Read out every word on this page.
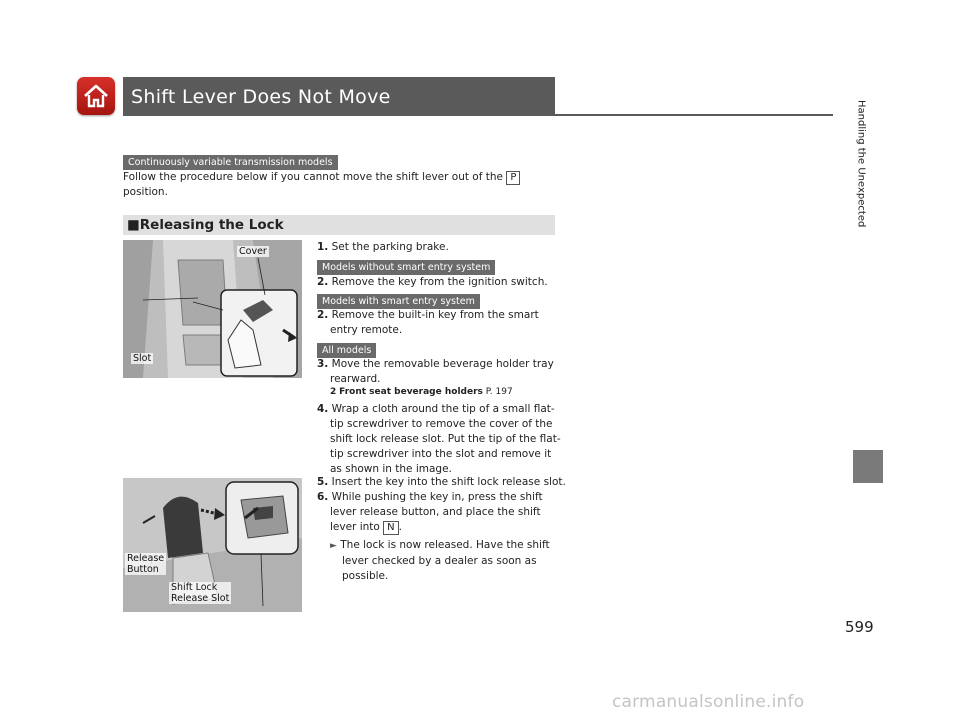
Shift Lever Does Not Move
Handling the Unexpected
Continuously variable transmission models
Follow the procedure below if you cannot move the shift lever out of the P
position.
■Releasing the Lock
Cover
Slot
Release
Button
Shift Lock
Release Slot
1. Set the parking brake.
Models without smart entry system
2. Remove the key from the ignition switch.
Models with smart entry system
2. Remove the built-in key from the smart
entry remote.
All models
3. Move the removable beverage holder tray
rearward.
2 Front seat beverage holders P. 197
4. Wrap a cloth around the tip of a small flat-
tip screwdriver to remove the cover of the
shift lock release slot. Put the tip of the flat-
tip screwdriver into the slot and remove it
as shown in the image.
5. Insert the key into the shift lock release slot.
6. While pushing the key in, press the shift
lever release button, and place the shift
lever into N .
► The lock is now released. Have the shift
lever checked by a dealer as soon as
possible.
599
carmanualsonline.info
